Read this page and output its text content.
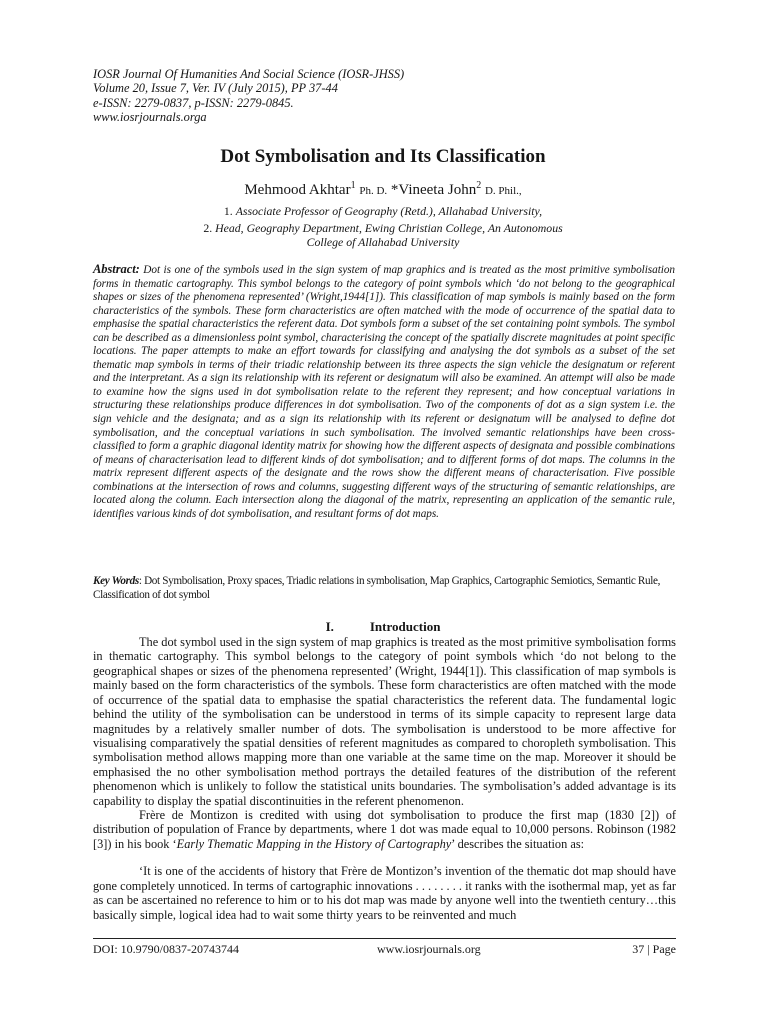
IOSR Journal Of Humanities And Social Science (IOSR-JHSS)
Volume 20, Issue 7, Ver. IV (July 2015), PP 37-44
e-ISSN: 2279-0837, p-ISSN: 2279-0845.
www.iosrjournals.orga
Dot Symbolisation and Its Classification
Mehmood Akhtar$^1$ Ph. D. *Vineeta John$^2$ D. Phil.,
1. Associate Professor of Geography (Retd.), Allahabad University,
2. Head, Geography Department, Ewing Christian College, An Autonomous
College of Allahabad University
Abstract: Dot is one of the symbols used in the sign system of map graphics and is treated as the most primitive symbolisation forms in thematic cartography. This symbol belongs to the category of point symbols which ‘do not belong to the geographical shapes or sizes of the phenomena represented’ (Wright,1944[1]). This classification of map symbols is mainly based on the form characteristics of the symbols. These form characteristics are often matched with the mode of occurrence of the spatial data to emphasise the spatial characteristics the referent data. Dot symbols form a subset of the set containing point symbols. The symbol can be described as a dimensionless point symbol, characterising the concept of the spatially discrete magnitudes at point specific locations. The paper attempts to make an effort towards for classifying and analysing the dot symbols as a subset of the set thematic map symbols in terms of their triadic relationship between its three aspects the sign vehicle the designatum or referent and the interpretant. As a sign its relationship with its referent or designatum will also be examined. An attempt will also be made to examine how the signs used in dot symbolisation relate to the referent they represent; and how conceptual variations in structuring these relationships produce differences in dot symbolisation. Two of the components of dot as a sign system i.e. the sign vehicle and the designata; and as a sign its relationship with its referent or designatum will be analysed to define dot symbolisation, and the conceptual variations in such symbolisation. The involved semantic relationships have been cross-classified to form a graphic diagonal identity matrix for showing how the different aspects of designata and possible combinations of means of characterisation lead to different kinds of dot symbolisation; and to different forms of dot maps. The columns in the matrix represent different aspects of the designate and the rows show the different means of characterisation. Five possible combinations at the intersection of rows and columns, suggesting different ways of the structuring of semantic relationships, are located along the column. Each intersection along the diagonal of the matrix, representing an application of the semantic rule, identifies various kinds of dot symbolisation, and resultant forms of dot maps.
Key Words: Dot Symbolisation, Proxy spaces, Triadic relations in symbolisation, Map Graphics, Cartographic Semiotics, Semantic Rule, Classification of dot symbol
I.	Introduction

The dot symbol used in the sign system of map graphics is treated as the most primitive symbolisation forms in thematic cartography. This symbol belongs to the category of point symbols which ‘do not belong to the geographical shapes or sizes of the phenomena represented’ (Wright, 1944[1]). This classification of map symbols is mainly based on the form characteristics of the symbols. These form characteristics are often matched with the mode of occurrence of the spatial data to emphasise the spatial characteristics the referent data. The fundamental logic behind the utility of the symbolisation can be understood in terms of its simple capacity to represent large data magnitudes by a relatively smaller number of dots. The symbolisation is understood to be more affective for visualising comparatively the spatial densities of referent magnitudes as compared to choropleth symbolisation. This symbolisation method allows mapping more than one variable at the same time on the map. Moreover it should be emphasised the no other symbolisation method portrays the detailed features of the distribution of the referent phenomenon which is unlikely to follow the statistical units boundaries. The symbolisation’s added advantage is its capability to display the spatial discontinuities in the referent phenomenon.

Frère de Montizon is credited with using dot symbolisation to produce the first map (1830 [2]) of distribution of population of France by departments, where 1 dot was made equal to 10,000 persons. Robinson (1982 [3]) in his book ‘Early Thematic Mapping in the History of Cartography’ describes the situation as:

‘It is one of the accidents of history that Frère de Montizon’s invention of the thematic dot map should have gone completely unnoticed. In terms of cartographic innovations . . . . . . . . it ranks with the isothermal map, yet as far as can be ascertained no reference to him or to his dot map was made by anyone well into the twentieth century…this basically simple, logical idea had to wait some thirty years to be reinvented and much

DOI: 10.9790/0837-20743744	www.iosrjournals.org	37 | Page
